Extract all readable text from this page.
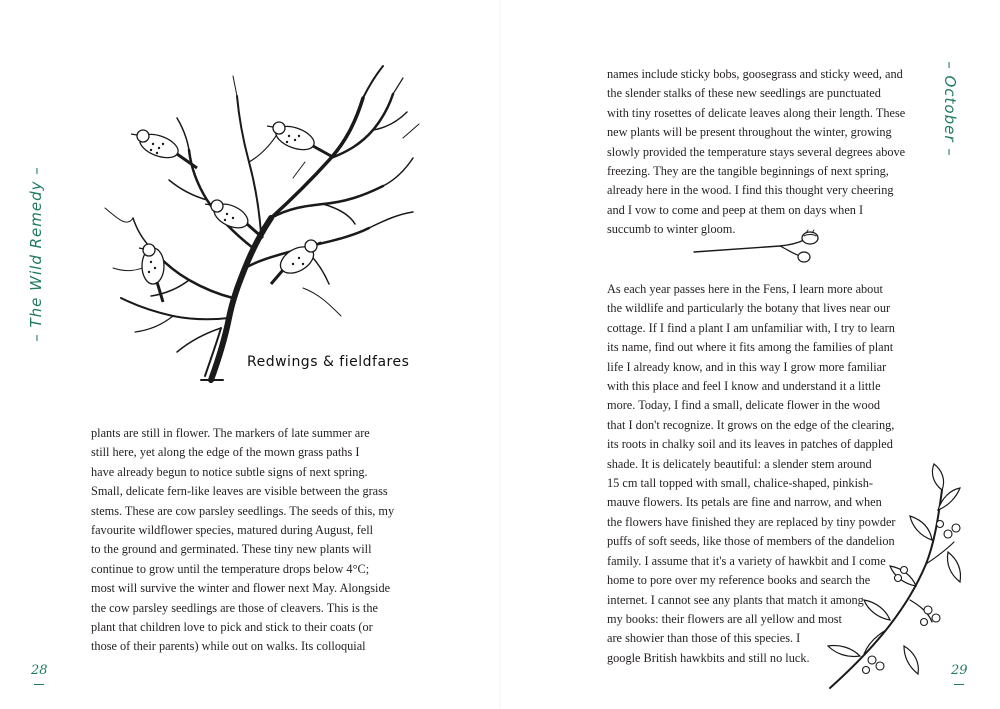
– The Wild Remedy –
Redwings & fieldfares
plants are still in flower. The markers of late summer are
still here, yet along the edge of the mown grass paths I
have already begun to notice subtle signs of next spring.
Small, delicate fern-like leaves are visible between the grass
stems. These are cow parsley seedlings. The seeds of this, my
favourite wildflower species, matured during August, fell
to the ground and germinated. These tiny new plants will
continue to grow until the temperature drops below 4°C;
most will survive the winter and flower next May. Alongside
the cow parsley seedlings are those of cleavers. This is the
plant that children love to pick and stick to their coats (or
those of their parents) while out on walks. Its colloquial
28
– October –
names include sticky bobs, goosegrass and sticky weed, and
the slender stalks of these new seedlings are punctuated
with tiny rosettes of delicate leaves along their length. These
new plants will be present throughout the winter, growing
slowly provided the temperature stays several degrees above
freezing. They are the tangible beginnings of next spring,
already here in the wood. I find this thought very cheering
and I vow to come and peep at them on days when I
succumb to winter gloom.
As each year passes here in the Fens, I learn more about
the wildlife and particularly the botany that lives near our
cottage. If I find a plant I am unfamiliar with, I try to learn
its name, find out where it fits among the families of plant
life I already know, and in this way I grow more familiar
with this place and feel I know and understand it a little
more. Today, I find a small, delicate flower in the wood
that I don't recognize. It grows on the edge of the clearing,
its roots in chalky soil and its leaves in patches of dappled
shade. It is delicately beautiful: a slender stem around
15 cm tall topped with small, chalice-shaped, pinkish-
mauve flowers. Its petals are fine and narrow, and when
the flowers have finished they are replaced by tiny powder
puffs of soft seeds, like those of members of the dandelion
family. I assume that it's a variety of hawkbit and I come
home to pore over my reference books and search the
internet. I cannot see any plants that match it among
my books: their flowers are all yellow and most
are showier than those of this species. I
google British hawkbits and still no luck.
29
